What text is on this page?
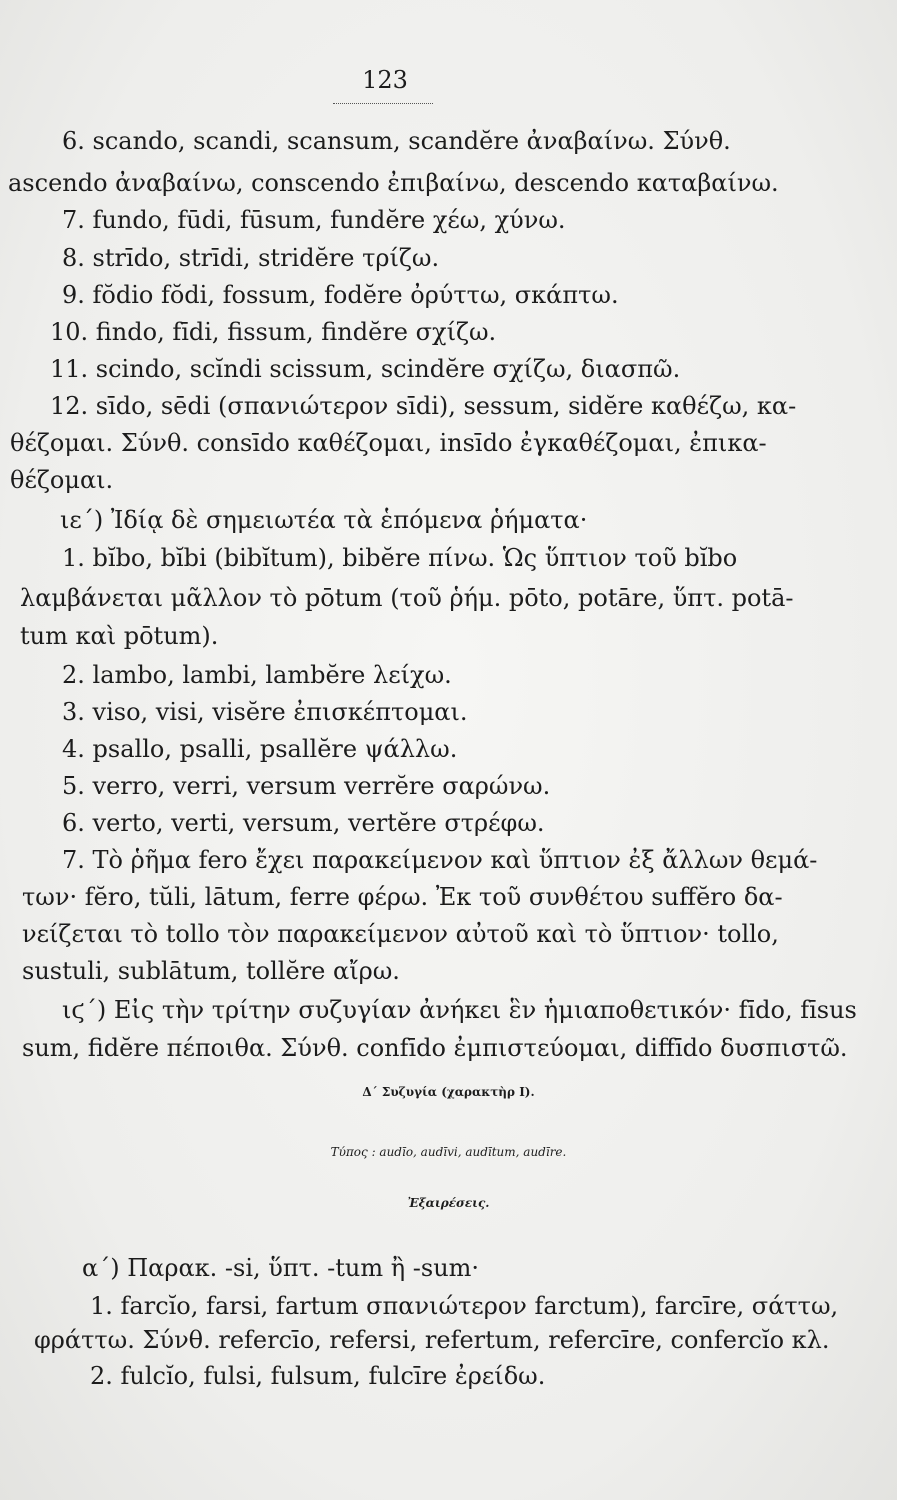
123
6. scando, scandi, scansum, scandĕre ἀναβαίνω. Σύνθ.
ascendo ἀναβαίνω, conscendo ἐπιβαίνω, descendo καταβαίνω.
7. fundo, fūdi, fūsum, fundĕre χέω, χύνω.
8. strīdo, strīdi, stridĕre τρίζω.
9. fŏdio fŏdi, fossum, fodĕre ὀρύττω, σκάπτω.
10. findo, fīdi, fissum, findĕre σχίζω.
11. scindo, scĭndi scissum, scindĕre σχίζω, διασπῶ.
12. sīdo, sēdi (σπανιώτερον sīdi), sessum, sidĕre καθέζω, κα-
θέζομαι. Σύνθ. consīdo καθέζομαι, insīdo ἐγκαθέζομαι, ἐπικα-
θέζομαι.
ιε΄) Ἰδίᾳ δὲ σημειωτέα τὰ ἑπόμενα ῥήματα·
1. bĭbo, bĭbi (bibĭtum), bibĕre πίνω. Ὡς ὕπτιον τοῦ bĭbo
λαμβάνεται μᾶλλον τὸ pōtum (τοῦ ῥήμ. pōto, potāre, ὕπτ. potā-
tum καὶ pōtum).
2. lambo, lambi, lambĕre λείχω.
3. viso, visi, visĕre ἐπισκέπτομαι.
4. psallo, psalli, psallĕre ψάλλω.
5. verro, verri, versum verrĕre σαρώνω.
6. verto, verti, versum, vertĕre στρέφω.
7. Τὸ ῥῆμα fero ἔχει παρακείμενον καὶ ὕπτιον ἐξ ἄλλων θεμά-
των· fĕro, tŭli, lātum, ferre φέρω. Ἐκ τοῦ συνθέτου suffĕro δα-
νείζεται τὸ tollo τὸν παρακείμενον αὐτοῦ καὶ τὸ ὕπτιον· tollo,
sustuli, sublātum, tollĕre αἴρω.
ιϛ΄) Εἰς τὴν τρίτην συζυγίαν ἀνήκει ἓν ἡμιαποθετικόν· fīdo, fīsus
sum, fidĕre πέποιθα. Σύνθ. confīdo ἐμπιστεύομαι, diffīdo δυσπιστῶ.
Δ΄ Συζυγία (χαρακτὴρ I).
Τύπος : audīo, audīvi, audītum, audīre.
Ἐξαιρέσεις.
α΄) Παρακ. -si, ὕπτ. -tum ἢ -sum·
1. farcĭo, farsi, fartum σπανιώτερον farctum), farcīre, σάττω,
φράττω. Σύνθ. refercīo, refersi, refertum, refercīre, confercĭo κλ.
2. fulcĭo, fulsi, fulsum, fulcīre ἐρείδω.
